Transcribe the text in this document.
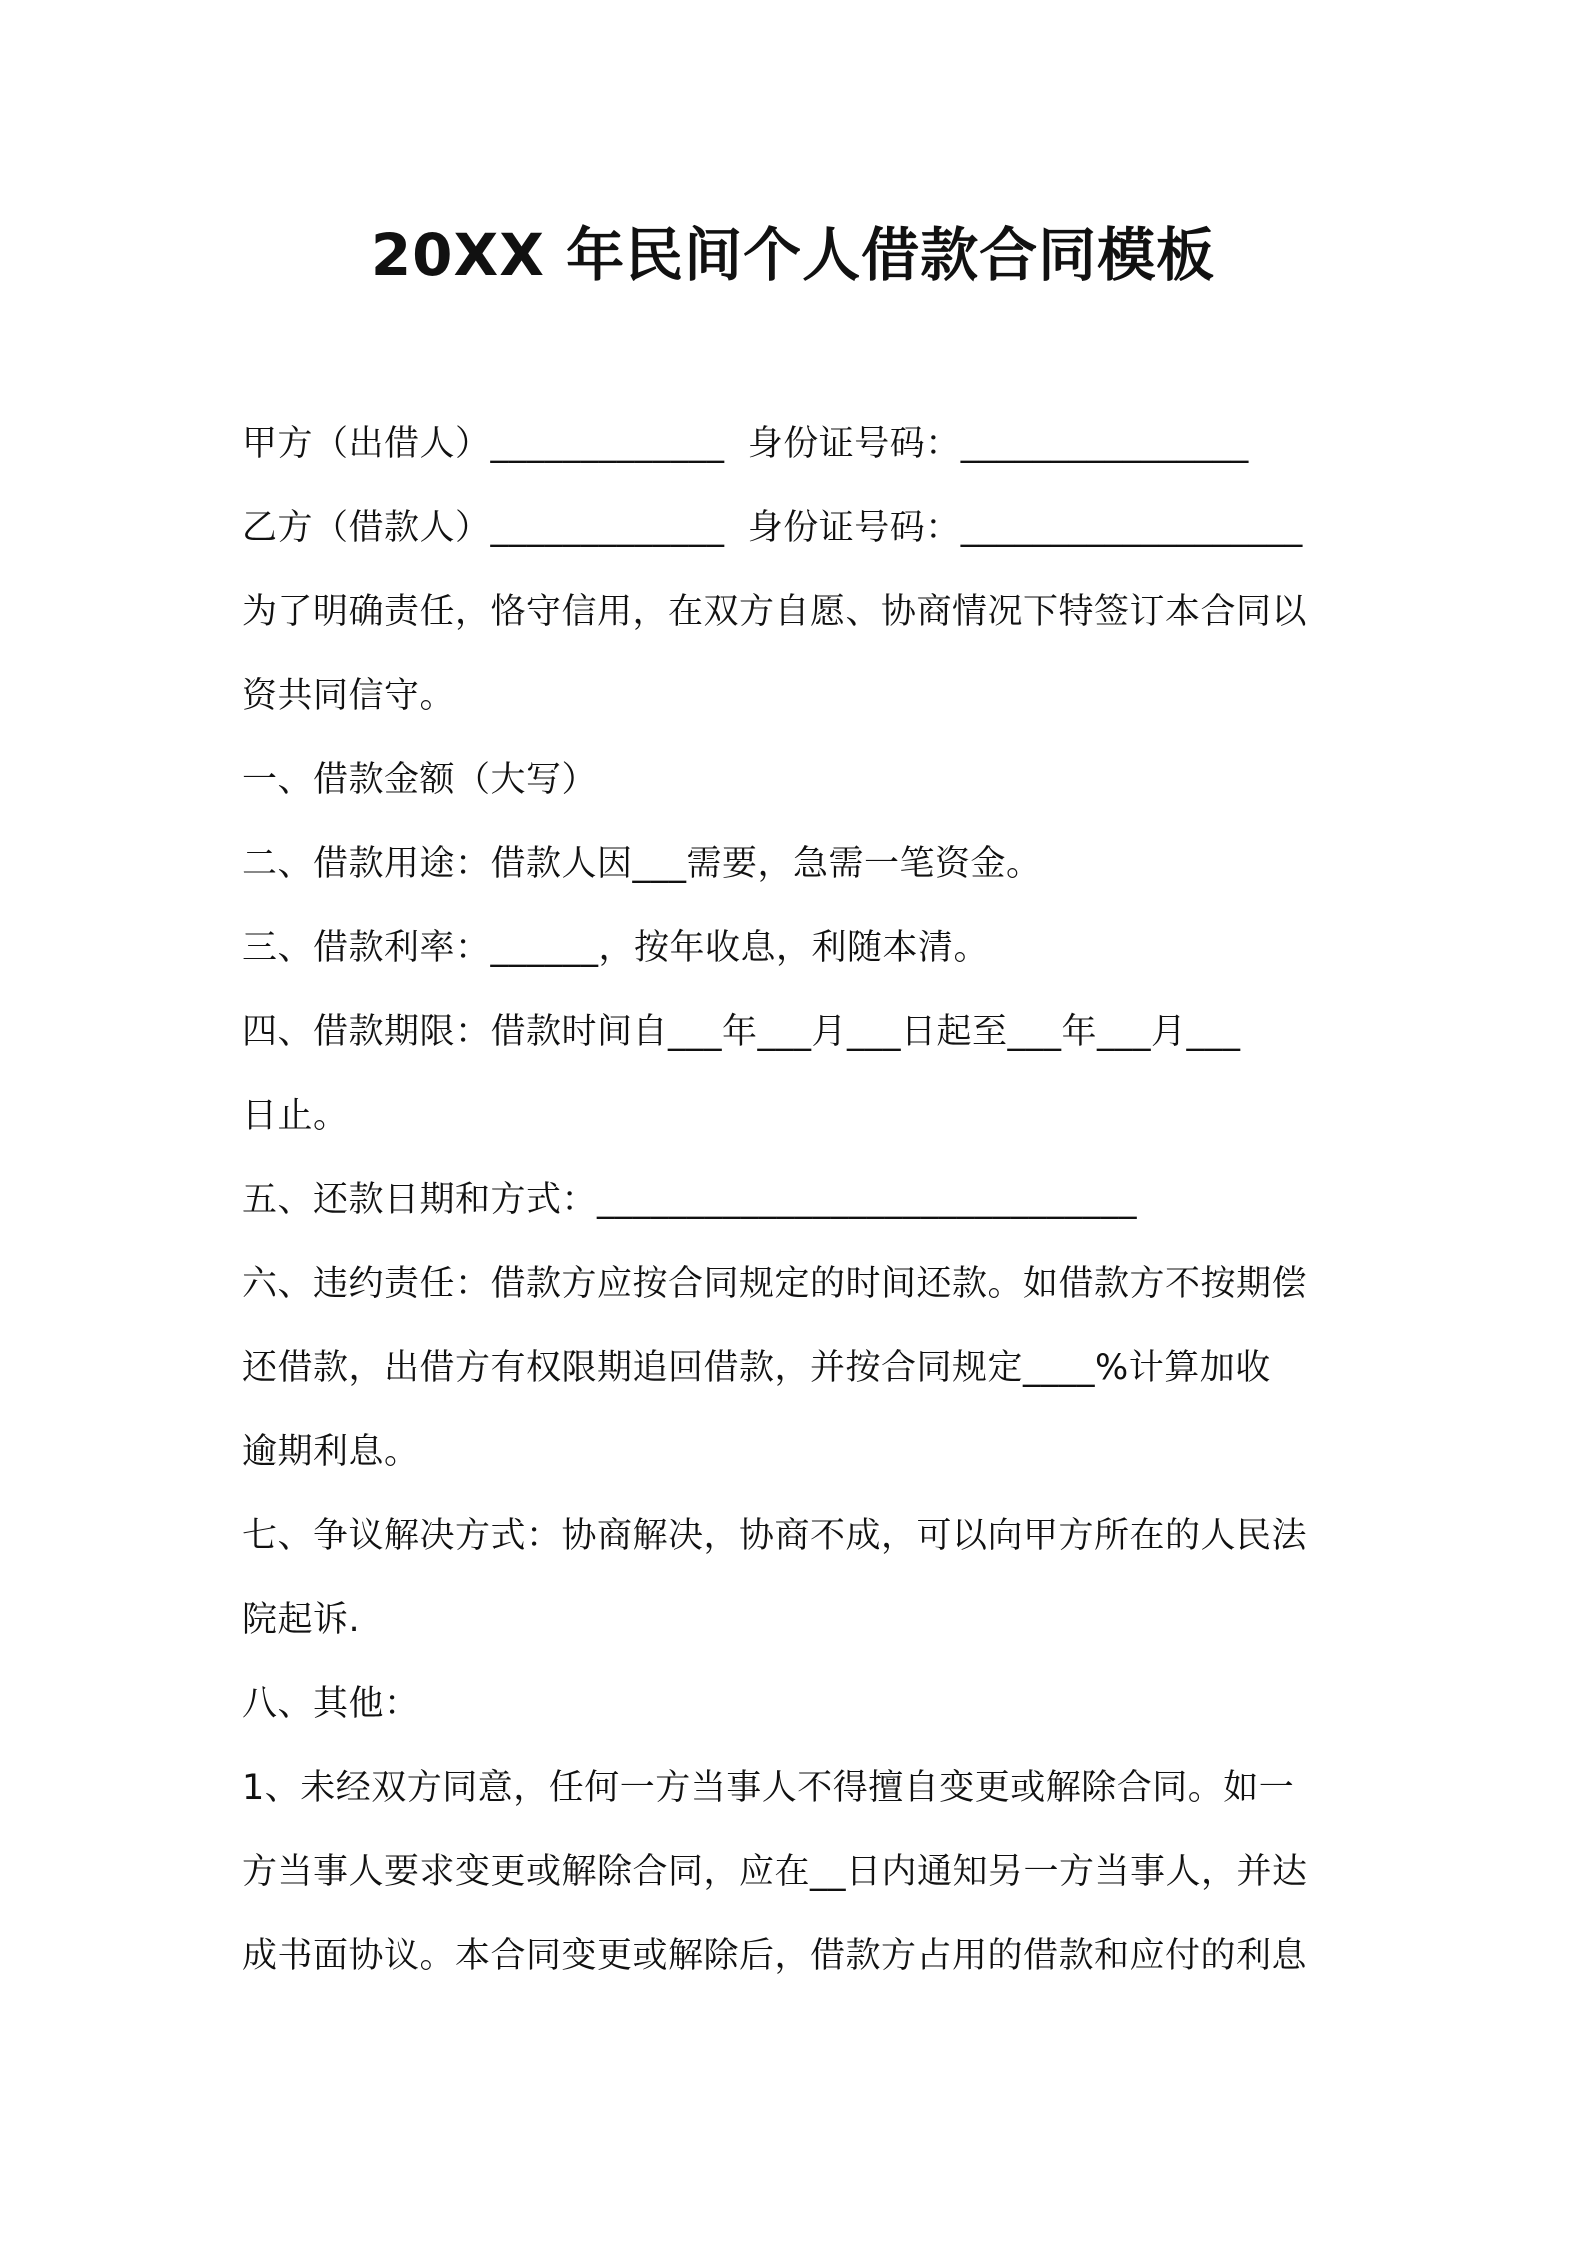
20XX 年民间个人借款合同模板
甲方（出借人）_____________  身份证号码：________________
乙方（借款人）_____________  身份证号码：___________________
为了明确责任，恪守信用，在双方自愿、协商情况下特签订本合同以
资共同信守。
一、借款金额（大写）
二、借款用途：借款人因___需要，急需一笔资金。
三、借款利率：______，按年收息，利随本清。
四、借款期限：借款时间自___年___月___日起至___年___月___
日止。
五、还款日期和方式：______________________________
六、违约责任：借款方应按合同规定的时间还款。如借款方不按期偿
还借款，出借方有权限期追回借款，并按合同规定____%计算加收
逾期利息。
七、争议解决方式：协商解决，协商不成，可以向甲方所在的人民法
院起诉.
八、其他：
1、未经双方同意，任何一方当事人不得擅自变更或解除合同。如一
方当事人要求变更或解除合同，应在__日内通知另一方当事人，并达
成书面协议。本合同变更或解除后，借款方占用的借款和应付的利息
